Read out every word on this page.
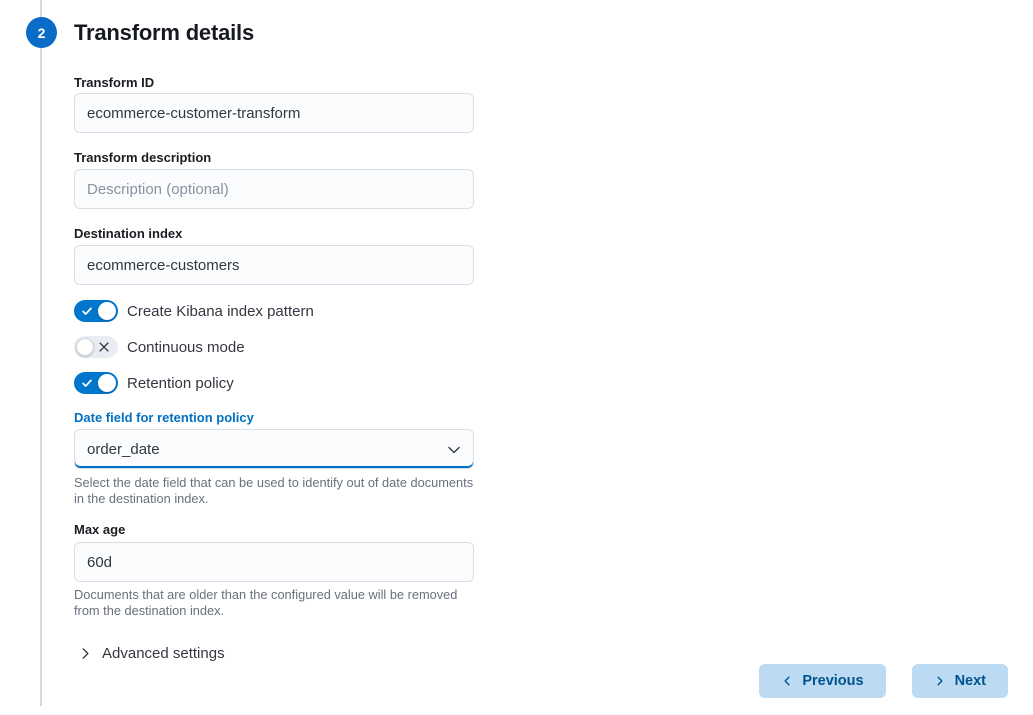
2 Transform details
Transform ID
ecommerce-customer-transform
Transform description
Description (optional)
Destination index
ecommerce-customers
Create Kibana index pattern
Continuous mode
Retention policy
Date field for retention policy
order_date

Select the date field that can be used to identify out of date documents in the destination index.

Max age
60d

Documents that are older than the configured value will be removed from the destination index.

Advanced settings
Previous	Next
